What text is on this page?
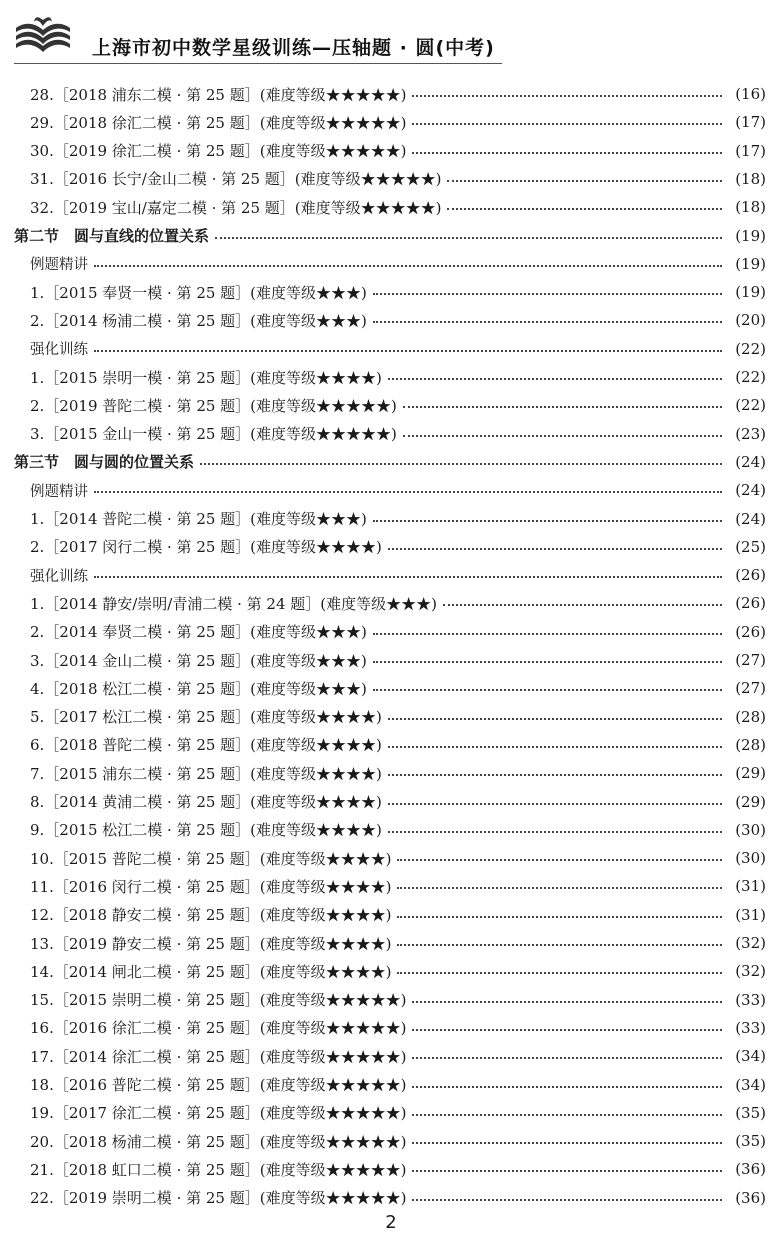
上海市初中数学星级训练—压轴题 · 圆(中考)
28.［2018 浦东二模 · 第 25 题］(难度等级★★★★★)	(16)
29.［2018 徐汇二模 · 第 25 题］(难度等级★★★★★)	(17)
30.［2019 徐汇二模 · 第 25 题］(难度等级★★★★★)	(17)
31.［2016 长宁/金山二模 · 第 25 题］(难度等级★★★★★)	(18)
32.［2019 宝山/嘉定二模 · 第 25 题］(难度等级★★★★★)	(18)
第二节　圆与直线的位置关系	(19)
例题精讲	(19)
1.［2015 奉贤一模 · 第 25 题］(难度等级★★★)	(19)
2.［2014 杨浦二模 · 第 25 题］(难度等级★★★)	(20)
强化训练	(22)
1.［2015 崇明一模 · 第 25 题］(难度等级★★★★)	(22)
2.［2019 普陀二模 · 第 25 题］(难度等级★★★★★)	(22)
3.［2015 金山一模 · 第 25 题］(难度等级★★★★★)	(23)
第三节　圆与圆的位置关系	(24)
例题精讲	(24)
1.［2014 普陀二模 · 第 25 题］(难度等级★★★)	(24)
2.［2017 闵行二模 · 第 25 题］(难度等级★★★★)	(25)
强化训练	(26)
1.［2014 静安/崇明/青浦二模 · 第 24 题］(难度等级★★★)	(26)
2.［2014 奉贤二模 · 第 25 题］(难度等级★★★)	(26)
3.［2014 金山二模 · 第 25 题］(难度等级★★★)	(27)
4.［2018 松江二模 · 第 25 题］(难度等级★★★)	(27)
5.［2017 松江二模 · 第 25 题］(难度等级★★★★)	(28)
6.［2018 普陀二模 · 第 25 题］(难度等级★★★★)	(28)
7.［2015 浦东二模 · 第 25 题］(难度等级★★★★)	(29)
8.［2014 黄浦二模 · 第 25 题］(难度等级★★★★)	(29)
9.［2015 松江二模 · 第 25 题］(难度等级★★★★)	(30)
10.［2015 普陀二模 · 第 25 题］(难度等级★★★★)	(30)
11.［2016 闵行二模 · 第 25 题］(难度等级★★★★)	(31)
12.［2018 静安二模 · 第 25 题］(难度等级★★★★)	(31)
13.［2019 静安二模 · 第 25 题］(难度等级★★★★)	(32)
14.［2014 闸北二模 · 第 25 题］(难度等级★★★★)	(32)
15.［2015 崇明二模 · 第 25 题］(难度等级★★★★★)	(33)
16.［2016 徐汇二模 · 第 25 题］(难度等级★★★★★)	(33)
17.［2014 徐汇二模 · 第 25 题］(难度等级★★★★★)	(34)
18.［2016 普陀二模 · 第 25 题］(难度等级★★★★★)	(34)
19.［2017 徐汇二模 · 第 25 题］(难度等级★★★★★)	(35)
20.［2018 杨浦二模 · 第 25 题］(难度等级★★★★★)	(35)
21.［2018 虹口二模 · 第 25 题］(难度等级★★★★★)	(36)
22.［2019 崇明二模 · 第 25 题］(难度等级★★★★★)	(36)
2
